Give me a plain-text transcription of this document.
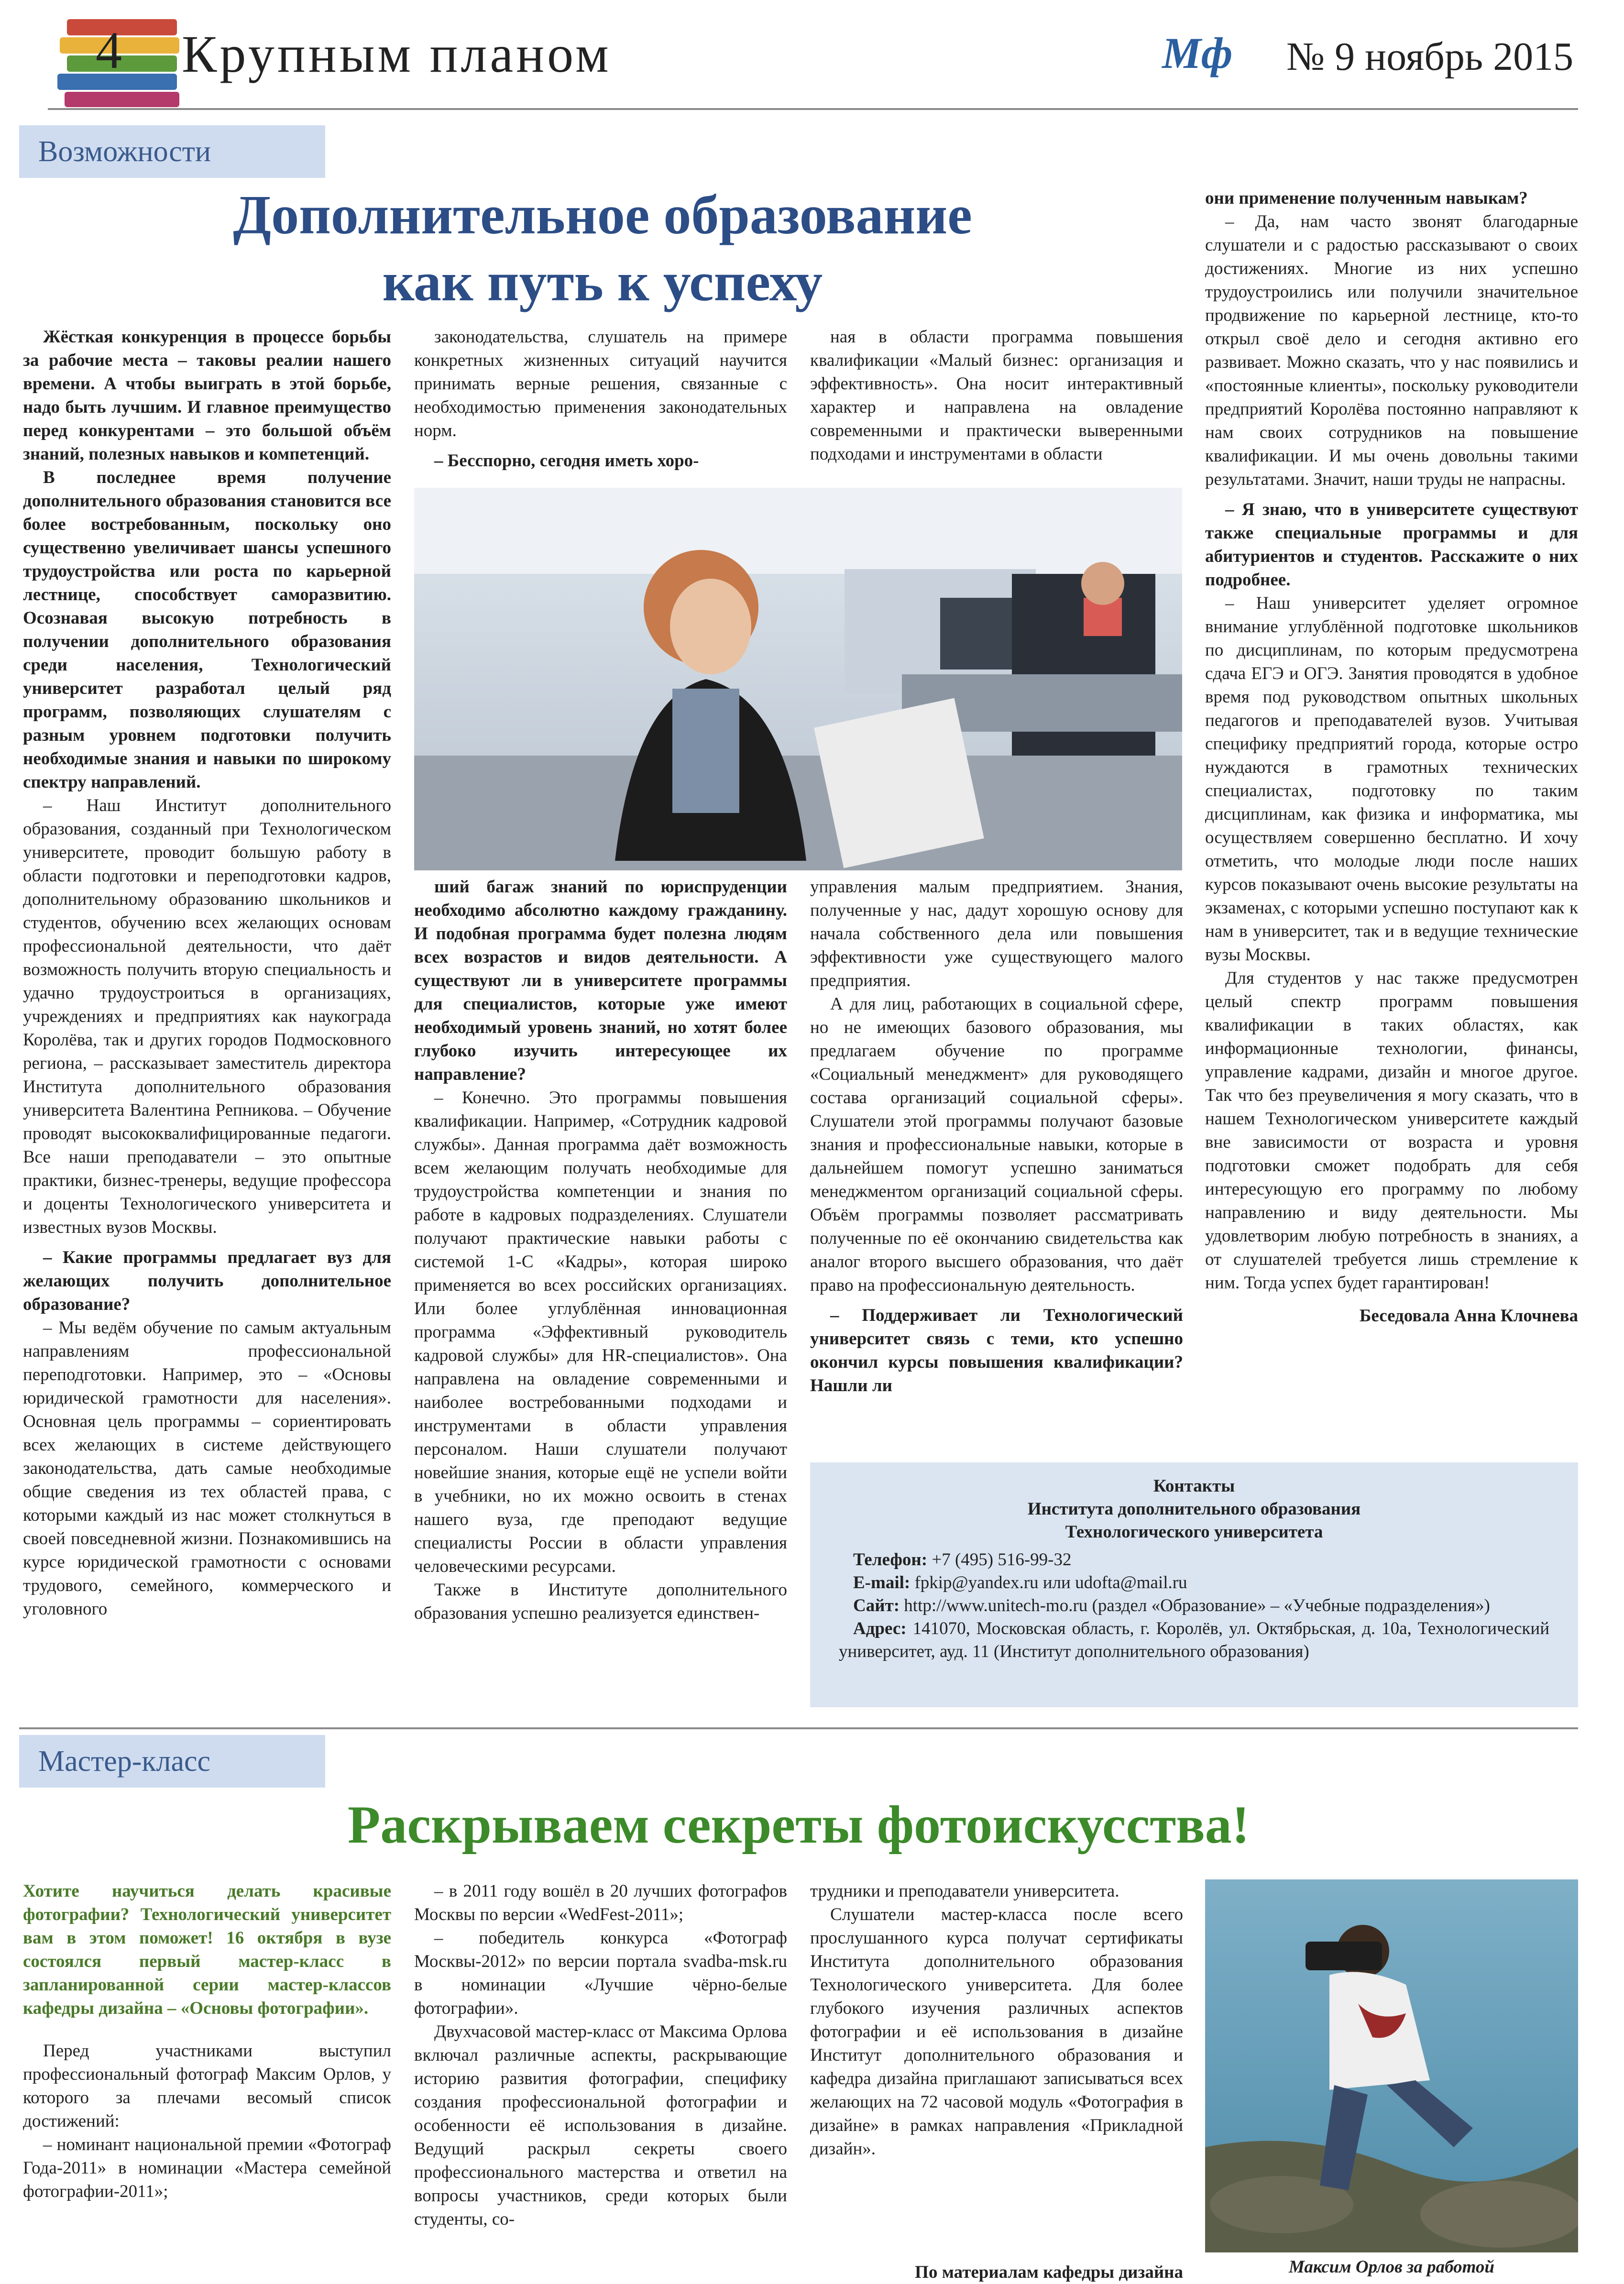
4 Крупным планом	Мф № 9 ноябрь 2015
Возможности
Дополнительное образование
как путь к успеху

Жёсткая конкуренция в процессе борьбы за рабочие места – таковы реалии нашего времени. А чтобы выиграть в этой борьбе, надо быть лучшим. И главное преимущество перед конкурентами – это большой объём знаний, полезных навыков и компетенций.

В последнее время получение дополнительного образования становится все более востребованным, поскольку оно существенно увеличивает шансы успешного трудоустройства или роста по карьерной лестнице, способствует саморазвитию. Осознавая высокую потребность в получении дополнительного образования среди населения, Технологический университет разработал целый ряд программ, позволяющих слушателям с разным уровнем подготовки получить необходимые знания и навыки по широкому спектру направлений.

– Наш Институт дополнительного образования, созданный при Технологическом университете, проводит большую работу в области подготовки и переподготовки кадров, дополнительному образованию школьников и студентов, обучению всех желающих основам профессиональной деятельности, что даёт возможность получить вторую специальность и удачно трудоустроиться в организациях, учреждениях и предприятиях как наукограда Королёва, так и других городов Подмосковного региона, – рассказывает заместитель директора Института дополнительного образования университета Валентина Репникова. – Обучение проводят высококвалифицированные педагоги. Все наши преподаватели – это опытные практики, бизнес-тренеры, ведущие профессора и доценты Технологического университета и известных вузов Москвы.

– Какие программы предлагает вуз для желающих получить дополнительное образование?

– Мы ведём обучение по самым актуальным направлениям профессиональной переподготовки. Например, это – «Основы юридической грамотности для населения». Основная цель программы – сориентировать всех желающих в системе действующего законодательства, дать самые необходимые общие сведения из тех областей права, с которыми каждый из нас может столкнуться в своей повседневной жизни. Познакомившись на курсе юридической грамотности с основами трудового, семейного, коммерческого и уголовного

законодательства, слушатель на примере конкретных жизненных ситуаций научится принимать верные решения, связанные с необходимостью применения законодательных норм.

– Бесспорно, сегодня иметь хоро-

ная в области программа повышения квалификации «Малый бизнес: организация и эффективность». Она носит интерактивный характер и направлена на овладение современными и практически выверенными подходами и инструментами в области

ший багаж знаний по юриспруденции необходимо абсолютно каждому гражданину. И подобная программа будет полезна людям всех возрастов и видов деятельности. А существуют ли в университете программы для специалистов, которые уже имеют необходимый уровень знаний, но хотят более глубоко изучить интересующее их направление?

– Конечно. Это программы повышения квалификации. Например, «Сотрудник кадровой службы». Данная программа даёт возможность всем желающим получать необходимые для трудоустройства компетенции и знания по работе в кадровых подразделениях. Слушатели получают практические навыки работы с системой 1-С «Кадры», которая широко применяется во всех российских организациях. Или более углублённая инновационная программа «Эффективный руководитель кадровой службы» для HR-специалистов». Она направлена на овладение современными и наиболее востребованными подходами и инструментами в области управления персоналом. Наши слушатели получают новейшие знания, которые ещё не успели войти в учебники, но их можно освоить в стенах нашего вуза, где преподают ведущие специалисты России в области управления человеческими ресурсами.

Также в Институте дополнительного образования успешно реализуется единствен-

управления малым предприятием. Знания, полученные у нас, дадут хорошую основу для начала собственного дела или повышения эффективности уже существующего малого предприятия.

А для лиц, работающих в социальной сфере, но не имеющих базового образования, мы предлагаем обучение по программе «Социальный менеджмент» для руководящего состава организаций социальной сферы». Слушатели этой программы получают базовые знания и профессиональные навыки, которые в дальнейшем помогут успешно заниматься менеджментом организаций социальной сферы. Объём программы позволяет рассматривать полученные по её окончанию свидетельства как аналог второго высшего образования, что даёт право на профессиональную деятельность.

– Поддерживает ли Технологический университет связь с теми, кто успешно окончил курсы повышения квалификации? Нашли ли

они применение полученным навыкам?

– Да, нам часто звонят благодарные слушатели и с радостью рассказывают о своих достижениях. Многие из них успешно трудоустроились или получили значительное продвижение по карьерной лестнице, кто-то открыл своё дело и сегодня активно его развивает. Можно сказать, что у нас появились и «постоянные клиенты», поскольку руководители предприятий Королёва постоянно направляют к нам своих сотрудников на повышение квалификации. И мы очень довольны такими результатами. Значит, наши труды не напрасны.

– Я знаю, что в университете существуют также специальные программы и для абитуриентов и студентов. Расскажите о них подробнее.

– Наш университет уделяет огромное внимание углублённой подготовке школьников по дисциплинам, по которым предусмотрена сдача ЕГЭ и ОГЭ. Занятия проводятся в удобное время под руководством опытных школьных педагогов и преподавателей вузов. Учитывая специфику предприятий города, которые остро нуждаются в грамотных технических специалистах, подготовку по таким дисциплинам, как физика и информатика, мы осуществляем совершенно бесплатно. И хочу отметить, что молодые люди после наших курсов показывают очень высокие результаты на экзаменах, с которыми успешно поступают как к нам в университет, так и в ведущие технические вузы Москвы.

Для студентов у нас также предусмотрен целый спектр программ повышения квалификации в таких областях, как информационные технологии, финансы, управление кадрами, дизайн и многое другое. Так что без преувеличения я могу сказать, что в нашем Технологическом университете каждый вне зависимости от возраста и уровня подготовки сможет подобрать для себя интересующую его программу по любому направлению и виду деятельности. Мы удовлетворим любую потребность в знаниях, а от слушателей требуется лишь стремление к ним. Тогда успех будет гарантирован!

Беседовала Анна Клочнева

Контакты
Института дополнительного образования
Технологического университета
Телефон: +7 (495) 516-99-32
E-mail: fpkip@yandex.ru или udofta@mail.ru
Сайт: http://www.unitech-mo.ru (раздел «Образование» – «Учебные подразделения»)
Адрес: 141070, Московская область, г. Королёв, ул. Октябрьская, д. 10а, Технологический университет, ауд. 11 (Институт дополнительного образования)
Мастер-класс
Раскрываем секреты фотоискусства!

Хотите научиться делать красивые фотографии? Технологический университет вам в этом поможет! 16 октября в вузе состоялся первый мастер-класс в запланированной серии мастер-классов кафедры дизайна – «Основы фотографии».

Перед участниками выступил профессиональный фотограф Максим Орлов, у которого за плечами весомый список достижений:

– номинант национальной премии «Фотограф Года-2011» в номинации «Мастера семейной фотографии-2011»;

– в 2011 году вошёл в 20 лучших фотографов Москвы по версии «WedFest-2011»;

– победитель конкурса «Фотограф Москвы-2012» по версии портала svadba-msk.ru в номинации «Лучшие чёрно-белые фотографии».

Двухчасовой мастер-класс от Максима Орлова включал различные аспекты, раскрывающие историю развития фотографии, специфику создания профессиональной фотографии и особенности её использования в дизайне. Ведущий раскрыл секреты своего профессионального мастерства и ответил на вопросы участников, среди которых были студенты, со-

трудники и преподаватели университета.

Слушатели мастер-класса после всего прослушанного курса получат сертификаты Института дополнительного образования Технологического университета. Для более глубокого изучения различных аспектов фотографии и её использования в дизайне Институт дополнительного образования и кафедра дизайна приглашают записываться всех желающих на 72 часовой модуль «Фотография в дизайне» в рамках направления «Прикладной дизайн».

По материалам кафедры дизайна	Максим Орлов за работой
